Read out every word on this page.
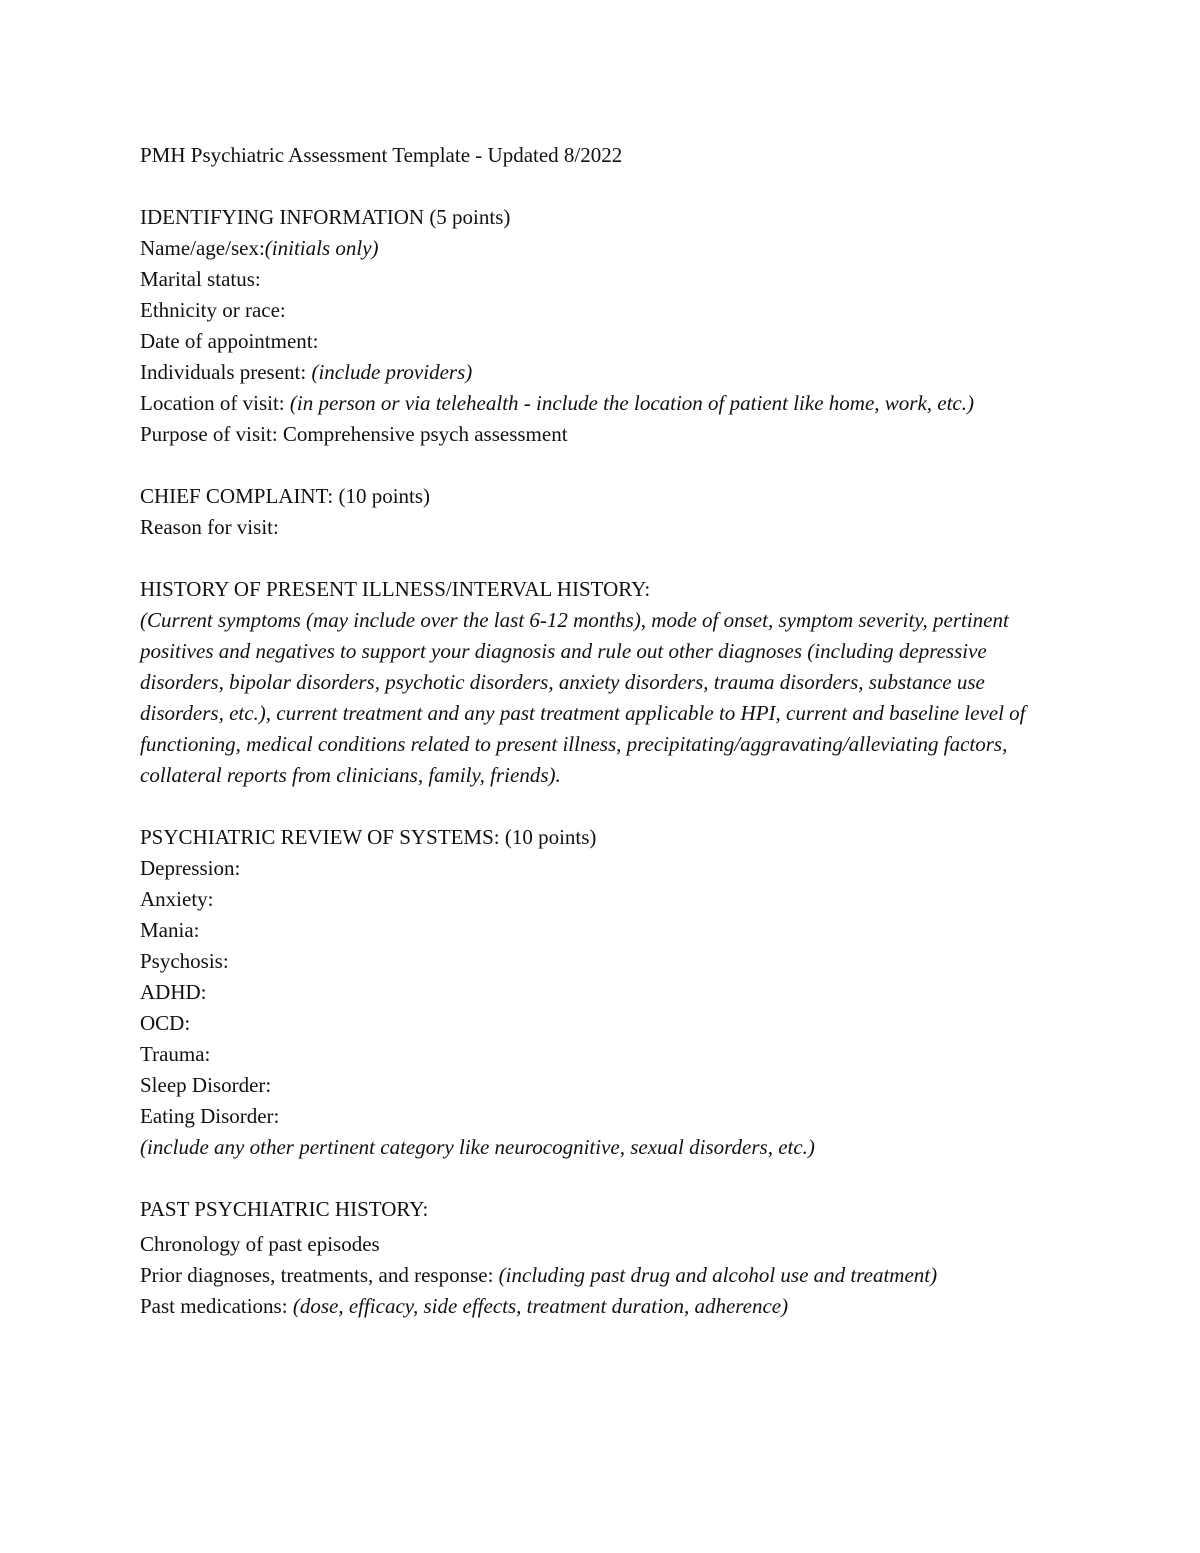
PMH Psychiatric Assessment Template - Updated 8/2022
IDENTIFYING INFORMATION (5 points)
Name/age/sex:(initials only)
Marital status:
Ethnicity or race:
Date of appointment:
Individuals present: (include providers)
Location of visit: (in person or via telehealth - include the location of patient like home, work, etc.)
Purpose of visit: Comprehensive psych assessment
CHIEF COMPLAINT: (10 points)
Reason for visit:
HISTORY OF PRESENT ILLNESS/INTERVAL HISTORY:
(Current symptoms (may include over the last 6-12 months), mode of onset, symptom severity, pertinent positives and negatives to support your diagnosis and rule out other diagnoses (including depressive disorders, bipolar disorders, psychotic disorders, anxiety disorders, trauma disorders, substance use disorders, etc.), current treatment and any past treatment applicable to HPI, current and baseline level of functioning, medical conditions related to present illness, precipitating/aggravating/alleviating factors, collateral reports from clinicians, family, friends).
PSYCHIATRIC REVIEW OF SYSTEMS: (10 points)
Depression:
Anxiety:
Mania:
Psychosis:
ADHD:
OCD:
Trauma:
Sleep Disorder:
Eating Disorder:
(include any other pertinent category like neurocognitive, sexual disorders, etc.)
PAST PSYCHIATRIC HISTORY:
Chronology of past episodes
Prior diagnoses, treatments, and response: (including past drug and alcohol use and treatment)
Past medications: (dose, efficacy, side effects, treatment duration, adherence)
